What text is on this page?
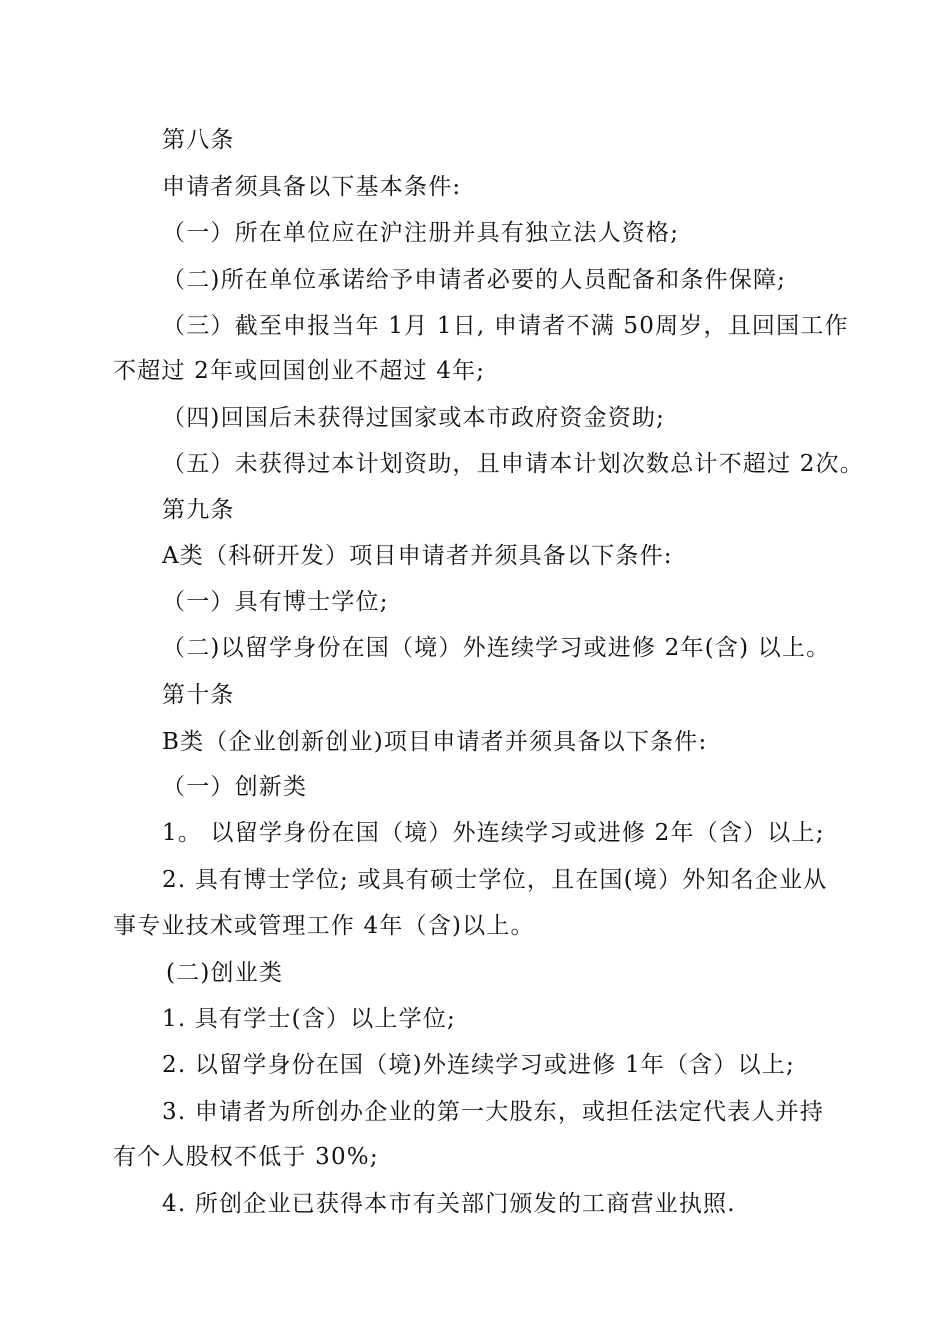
第八条
申请者须具备以下基本条件:
（一）所在单位应在沪注册并具有独立法人资格;
（二)所在单位承诺给予申请者必要的人员配备和条件保障;
（三）截至申报当年 1月 1日, 申请者不满 50周岁，且回国工作
不超过 2年或回国创业不超过 4年;
（四)回国后未获得过国家或本市政府资金资助;
（五）未获得过本计划资助，且申请本计划次数总计不超过 2次。
第九条
A类（科研开发）项目申请者并须具备以下条件:
（一）具有博士学位;
（二)以留学身份在国（境）外连续学习或进修 2年(含) 以上。
第十条
B类（企业创新创业)项目申请者并须具备以下条件:
（一）创新类
1。 以留学身份在国（境）外连续学习或进修 2年（含）以上;
2. 具有博士学位; 或具有硕士学位，且在国(境）外知名企业从
事专业技术或管理工作 4年（含)以上。
(二)创业类
1. 具有学士(含）以上学位;
2. 以留学身份在国（境)外连续学习或进修 1年（含）以上;
3. 申请者为所创办企业的第一大股东，或担任法定代表人并持
有个人股权不低于 30%;
4. 所创企业已获得本市有关部门颁发的工商营业执照.
